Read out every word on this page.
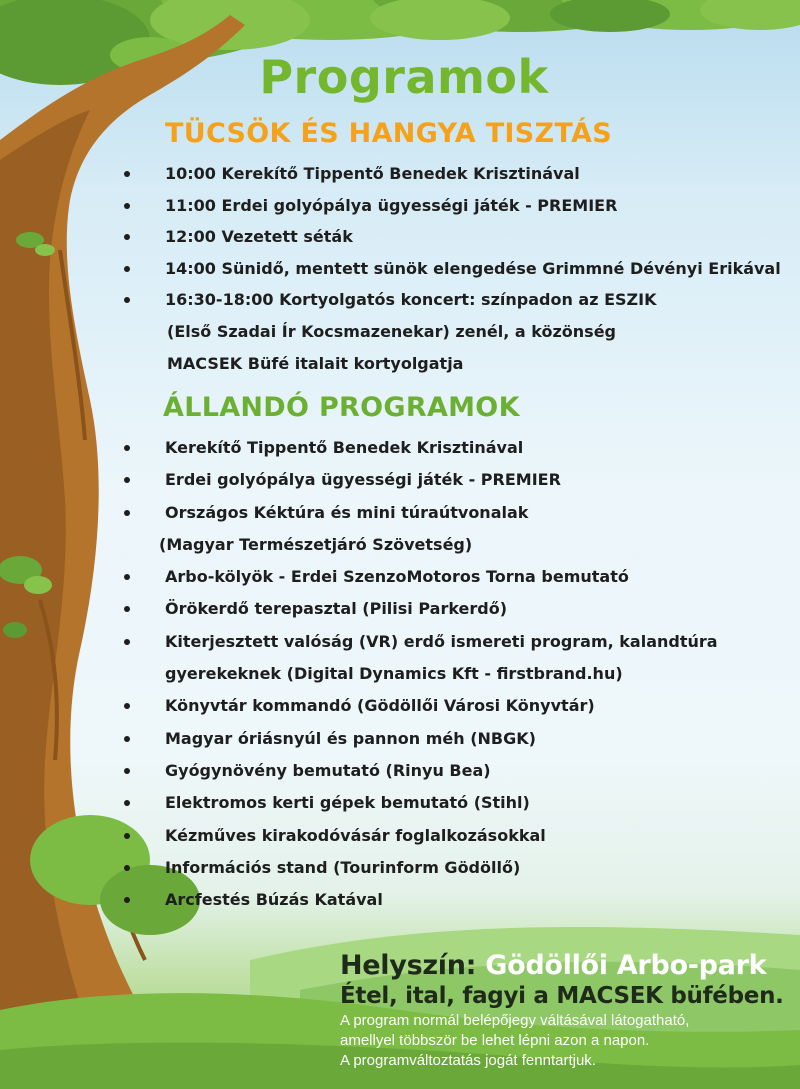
Programok
TÜCSÖK ÉS HANGYA TISZTÁS
10:00 Kerekítő Tippentő Benedek Krisztinával
11:00 Erdei golyópálya ügyességi játék - PREMIER
12:00 Vezetett séták
14:00 Sünidő, mentett sünök elengedése Grimmné Dévényi Erikával
16:30-18:00 Kortyolgatós koncert: színpadon az ESZIK
(Első Szadai Ír Kocsmazenekar) zenél, a közönség
MACSEK Büfé italait kortyolgatja
ÁLLANDÓ PROGRAMOK
Kerekítő Tippentő Benedek Krisztinával
Erdei golyópálya ügyességi játék - PREMIER
Országos Kéktúra és mini túraútvonalak
(Magyar Természetjáró Szövetség)
Arbo-kölyök - Erdei SzenzoMotoros Torna bemutató
Örökerdő terepasztal (Pilisi Parkerdő)
Kiterjesztett valóság (VR) erdő ismereti program, kalandtúra
gyerekeknek (Digital Dynamics Kft - firstbrand.hu)
Könyvtár kommandó (Gödöllői Városi Könyvtár)
Magyar óriásnyúl és pannon méh (NBGK)
Gyógynövény bemutató (Rinyu Bea)
Elektromos kerti gépek bemutató (Stihl)
Kézműves kirakodóvásár foglalkozásokkal
Információs stand (Tourinform Gödöllő)
Arcfestés Búzás Katával
Helyszín: Gödöllői Arbo-park
Étel, ital, fagyi a MACSEK büfében.
A program normál belépőjegy váltásával látogatható,
amellyel többször be lehet lépni azon a napon.
A programváltoztatás jogát fenntartjuk.
